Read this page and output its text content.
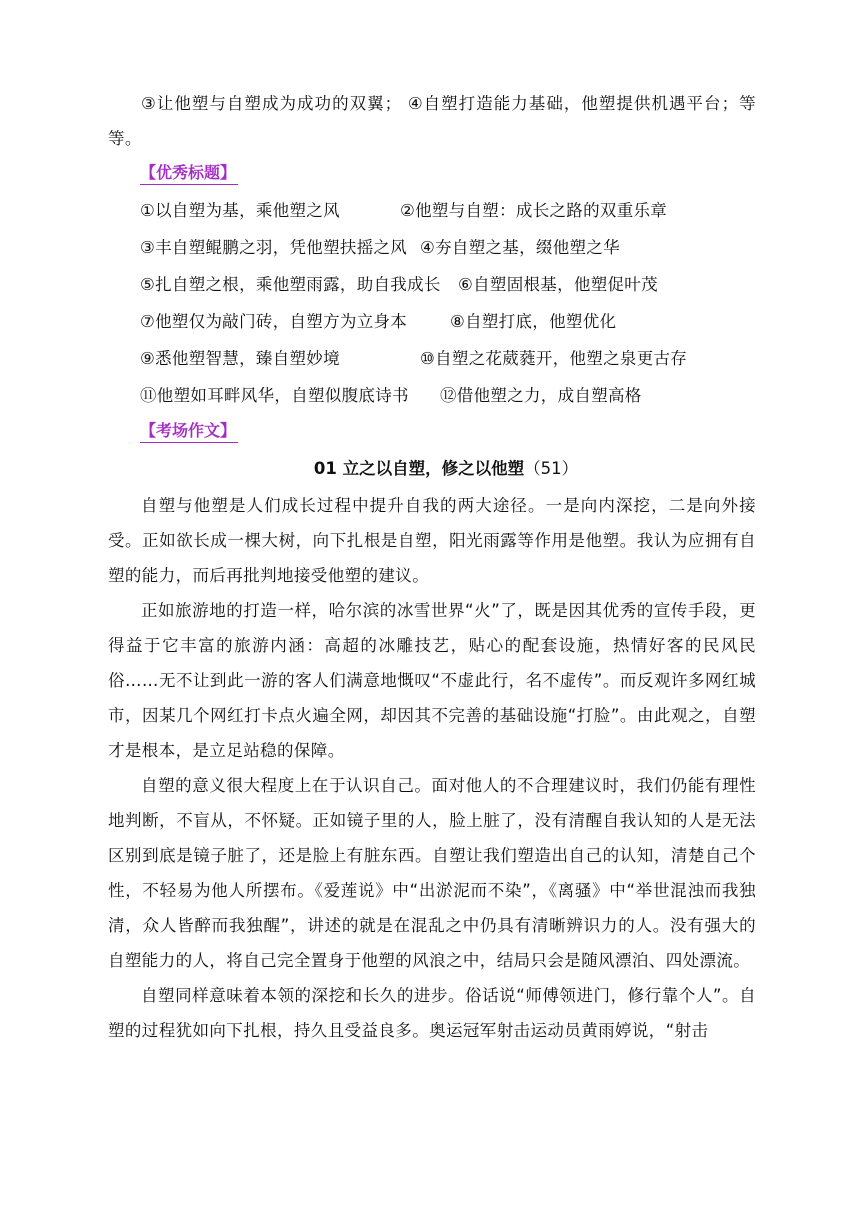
③让他塑与自塑成为成功的双翼； ④自塑打造能力基础，他塑提供机遇平台；等等。

【优秀标题】
①以自塑为基，乘他塑之风	②他塑与自塑：成长之路的双重乐章
③丰自塑鲲鹏之羽，凭他塑扶摇之风 ④夯自塑之基，缀他塑之华
⑤扎自塑之根，乘他塑雨露，助自我成长	⑥自塑固根基，他塑促叶茂
⑦他塑仅为敲门砖，自塑方为立身本	⑧自塑打底，他塑优化
⑨悉他塑智慧，臻自塑妙境	⑩自塑之花葳蕤开，他塑之泉更古存
⑪他塑如耳畔风华，自塑似腹底诗书	⑫借他塑之力，成自塑高格
【考场作文】
01 立之以自塑，修之以他塑（51）

自塑与他塑是人们成长过程中提升自我的两大途径。一是向内深挖，二是向外接受。正如欲长成一棵大树，向下扎根是自塑，阳光雨露等作用是他塑。我认为应拥有自塑的能力，而后再批判地接受他塑的建议。

正如旅游地的打造一样，哈尔滨的冰雪世界“火”了，既是因其优秀的宣传手段，更得益于它丰富的旅游内涵：高超的冰雕技艺，贴心的配套设施，热情好客的民风民俗……无不让到此一游的客人们满意地慨叹“不虚此行，名不虚传”。而反观许多网红城市，因某几个网红打卡点火遍全网，却因其不完善的基础设施“打脸”。由此观之，自塑才是根本，是立足站稳的保障。

自塑的意义很大程度上在于认识自己。面对他人的不合理建议时，我们仍能有理性地判断，不盲从，不怀疑。正如镜子里的人，脸上脏了，没有清醒自我认知的人是无法区别到底是镜子脏了，还是脸上有脏东西。自塑让我们塑造出自己的认知，清楚自己个性，不轻易为他人所摆布。《爱莲说》中“出淤泥而不染”，《离骚》中“举世混浊而我独清，众人皆醉而我独醒”，讲述的就是在混乱之中仍具有清晰辨识力的人。没有强大的自塑能力的人，将自己完全置身于他塑的风浪之中，结局只会是随风漂泊、四处漂流。

自塑同样意味着本领的深挖和长久的进步。俗话说“师傅领进门，修行靠个人”。自塑的过程犹如向下扎根，持久且受益良多。奥运冠军射击运动员黄雨婷说，“射击
